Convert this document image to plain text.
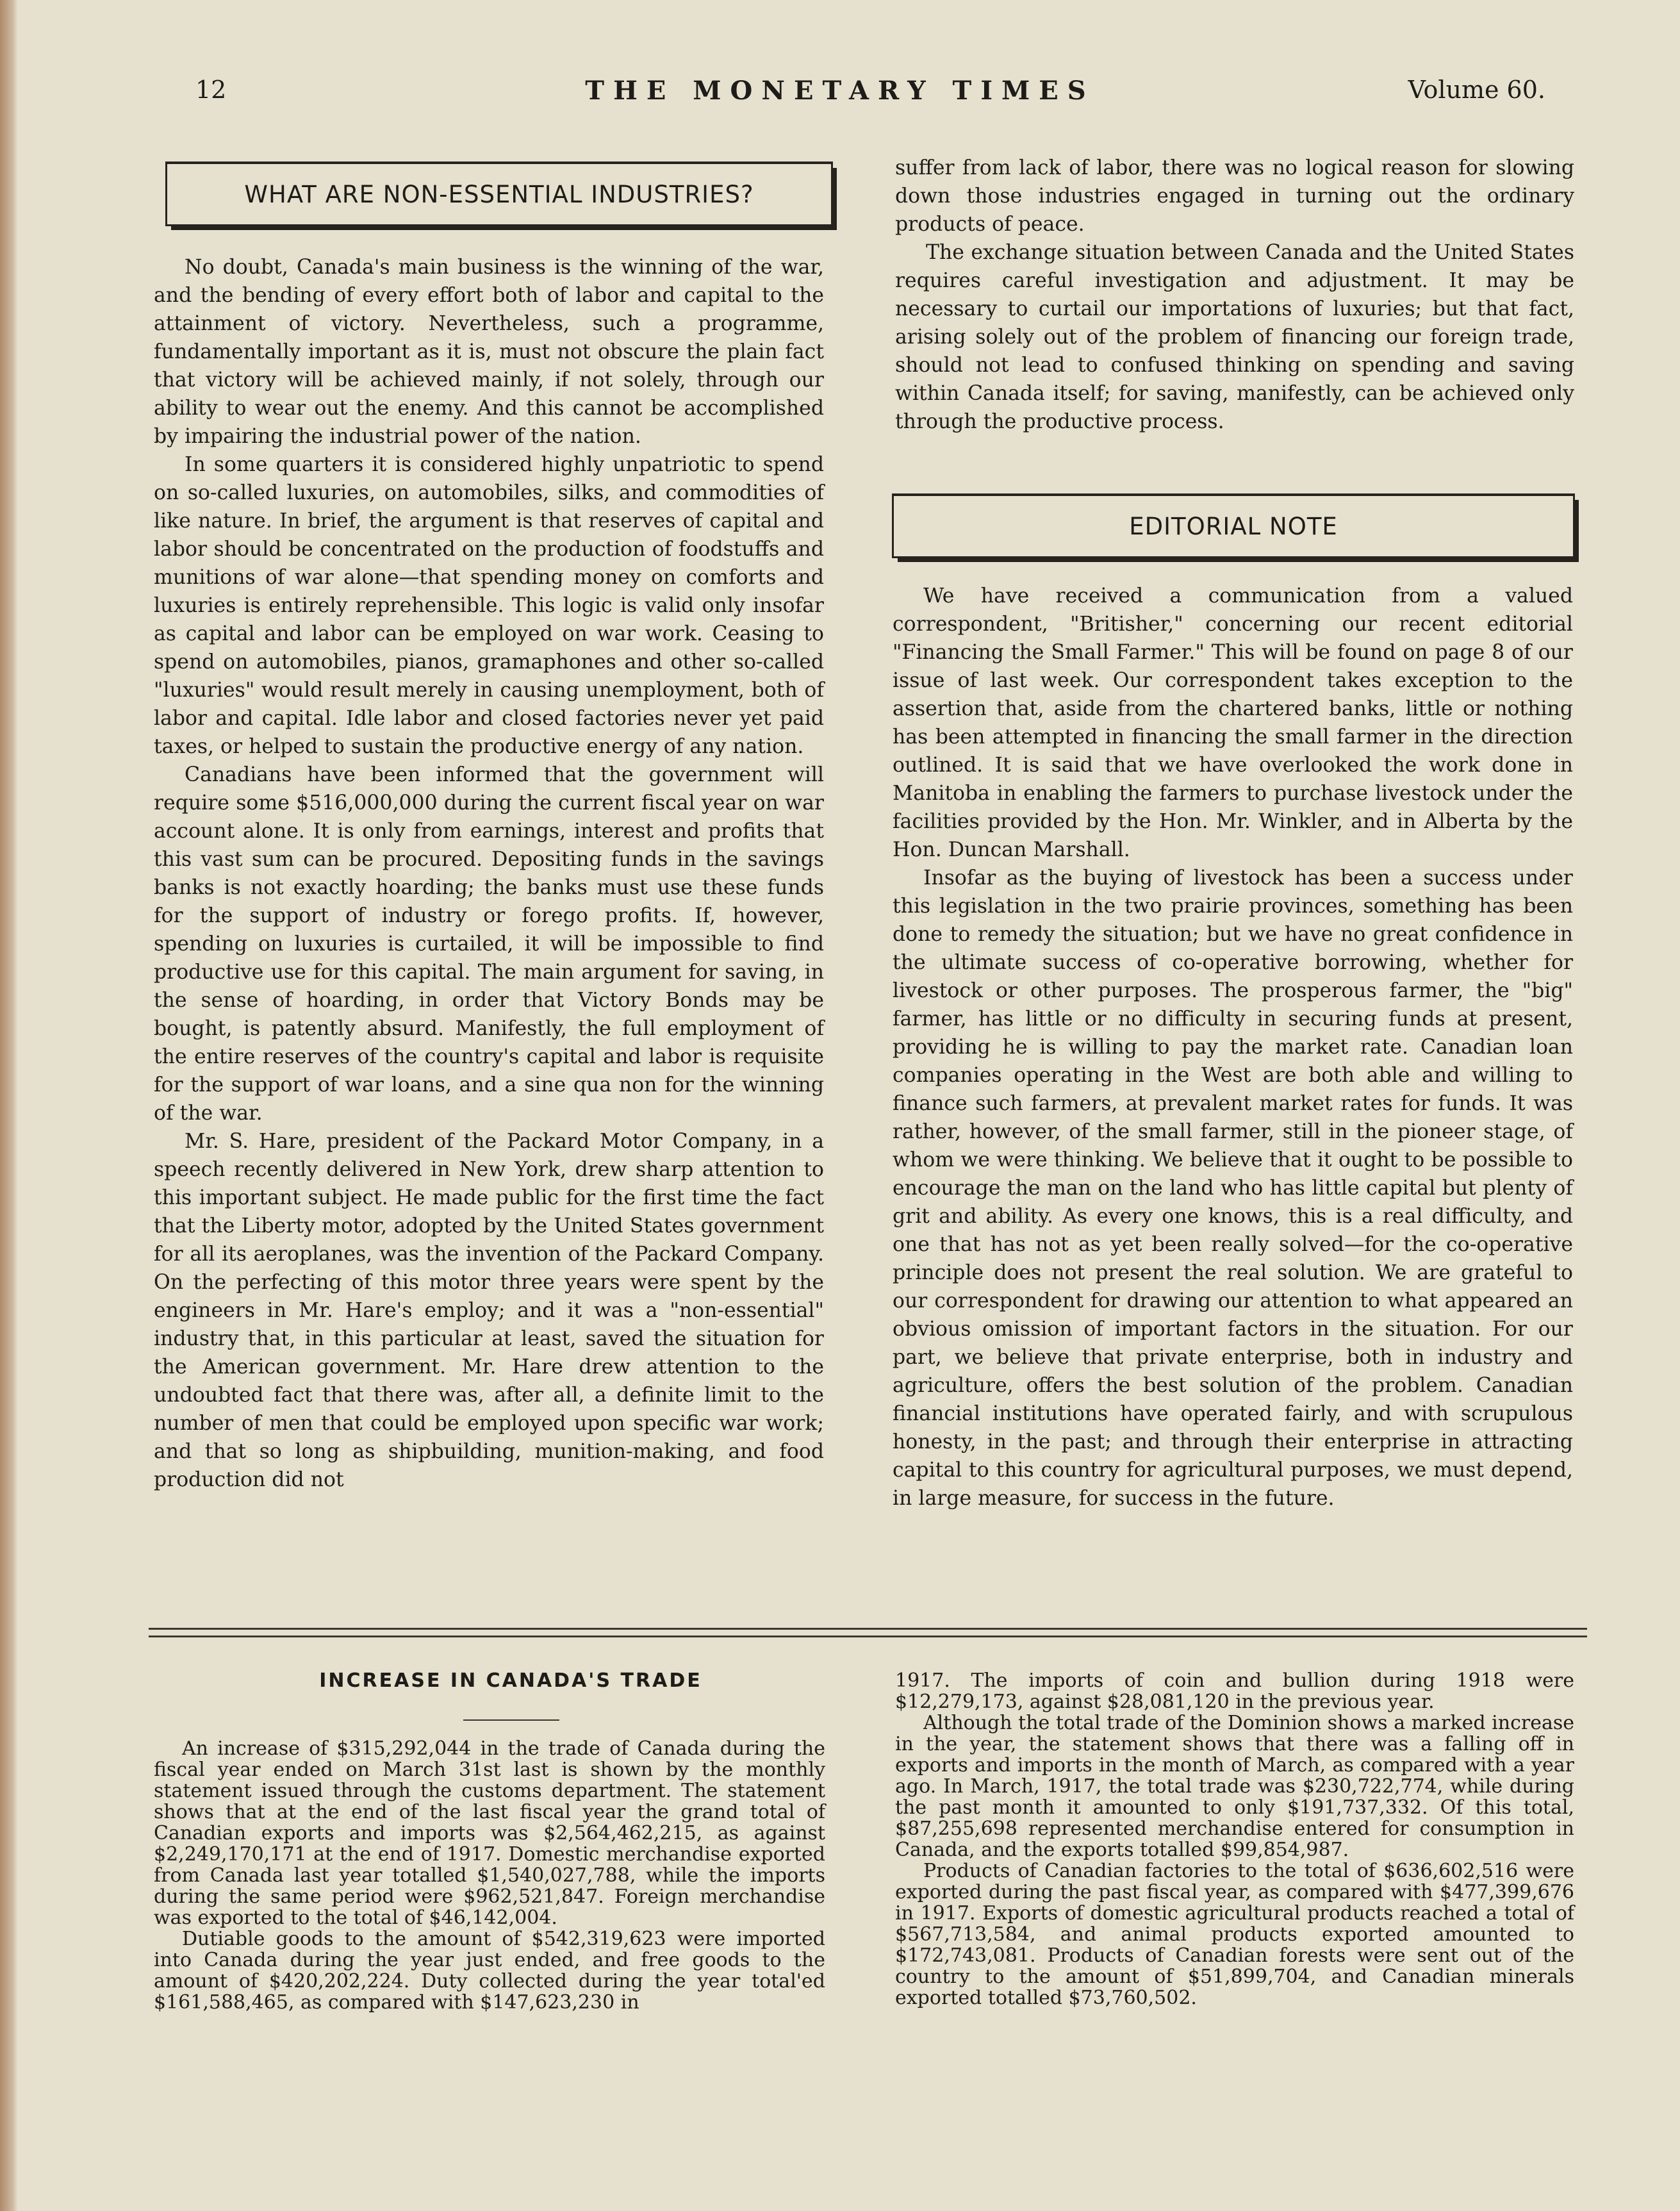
12	THE MONETARY TIMES	Volume 60.
WHAT ARE NON-ESSENTIAL INDUSTRIES?

No doubt, Canada's main business is the winning of the war, and the bending of every effort both of labor and capital to the attainment of victory. Nevertheless, such a programme, fundamentally important as it is, must not obscure the plain fact that victory will be achieved mainly, if not solely, through our ability to wear out the enemy. And this cannot be accomplished by impairing the industrial power of the nation.

In some quarters it is considered highly unpatriotic to spend on so-called luxuries, on automobiles, silks, and commodities of like nature. In brief, the argument is that reserves of capital and labor should be concentrated on the production of foodstuffs and munitions of war alone—that spending money on comforts and luxuries is entirely reprehensible. This logic is valid only insofar as capital and labor can be employed on war work. Ceasing to spend on automobiles, pianos, gramaphones and other so-called "luxuries" would result merely in causing unemployment, both of labor and capital. Idle labor and closed factories never yet paid taxes, or helped to sustain the productive energy of any nation.

Canadians have been informed that the government will require some $516,000,000 during the current fiscal year on war account alone. It is only from earnings, interest and profits that this vast sum can be procured. Depositing funds in the savings banks is not exactly hoarding; the banks must use these funds for the support of industry or forego profits. If, however, spending on luxuries is curtailed, it will be impossible to find productive use for this capital. The main argument for saving, in the sense of hoarding, in order that Victory Bonds may be bought, is patently absurd. Manifestly, the full employment of the entire reserves of the country's capital and labor is requisite for the support of war loans, and a sine qua non for the winning of the war.

Mr. S. Hare, president of the Packard Motor Company, in a speech recently delivered in New York, drew sharp attention to this important subject. He made public for the first time the fact that the Liberty motor, adopted by the United States government for all its aeroplanes, was the invention of the Packard Company. On the perfecting of this motor three years were spent by the engineers in Mr. Hare's employ; and it was a "non-essential" industry that, in this particular at least, saved the situation for the American government. Mr. Hare drew attention to the undoubted fact that there was, after all, a definite limit to the number of men that could be employed upon specific war work; and that so long as shipbuilding, munition-making, and food production did not

suffer from lack of labor, there was no logical reason for slowing down those industries engaged in turning out the ordinary products of peace.

The exchange situation between Canada and the United States requires careful investigation and adjustment. It may be necessary to curtail our importations of luxuries; but that fact, arising solely out of the problem of financing our foreign trade, should not lead to confused thinking on spending and saving within Canada itself; for saving, manifestly, can be achieved only through the productive process.

EDITORIAL NOTE

We have received a communication from a valued correspondent, "Britisher," concerning our recent editorial "Financing the Small Farmer." This will be found on page 8 of our issue of last week. Our correspondent takes exception to the assertion that, aside from the chartered banks, little or nothing has been attempted in financing the small farmer in the direction outlined. It is said that we have overlooked the work done in Manitoba in enabling the farmers to purchase livestock under the facilities provided by the Hon. Mr. Winkler, and in Alberta by the Hon. Duncan Marshall.

Insofar as the buying of livestock has been a success under this legislation in the two prairie provinces, something has been done to remedy the situation; but we have no great confidence in the ultimate success of co-operative borrowing, whether for livestock or other purposes. The prosperous farmer, the "big" farmer, has little or no difficulty in securing funds at present, providing he is willing to pay the market rate. Canadian loan companies operating in the West are both able and willing to finance such farmers, at prevalent market rates for funds. It was rather, however, of the small farmer, still in the pioneer stage, of whom we were thinking. We believe that it ought to be possible to encourage the man on the land who has little capital but plenty of grit and ability. As every one knows, this is a real difficulty, and one that has not as yet been really solved—for the co-operative principle does not present the real solution. We are grateful to our correspondent for drawing our attention to what appeared an obvious omission of important factors in the situation. For our part, we believe that private enterprise, both in industry and agriculture, offers the best solution of the problem. Canadian financial institutions have operated fairly, and with scrupulous honesty, in the past; and through their enterprise in attracting capital to this country for agricultural purposes, we must depend, in large measure, for success in the future.

INCREASE IN CANADA'S TRADE

An increase of $315,292,044 in the trade of Canada during the fiscal year ended on March 31st last is shown by the monthly statement issued through the customs department. The statement shows that at the end of the last fiscal year the grand total of Canadian exports and imports was $2,564,462,215, as against $2,249,170,171 at the end of 1917. Domestic merchandise exported from Canada last year totalled $1,540,027,788, while the imports during the same period were $962,521,847. Foreign merchandise was exported to the total of $46,142,004.

Dutiable goods to the amount of $542,319,623 were imported into Canada during the year just ended, and free goods to the amount of $420,202,224. Duty collected during the year total'ed $161,588,465, as compared with $147,623,230 in

1917. The imports of coin and bullion during 1918 were $12,279,173, against $28,081,120 in the previous year.

Although the total trade of the Dominion shows a marked increase in the year, the statement shows that there was a falling off in exports and imports in the month of March, as compared with a year ago. In March, 1917, the total trade was $230,722,774, while during the past month it amounted to only $191,737,332. Of this total, $87,255,698 represented merchandise entered for consumption in Canada, and the exports totalled $99,854,987.

Products of Canadian factories to the total of $636,602,516 were exported during the past fiscal year, as compared with $477,399,676 in 1917. Exports of domestic agricultural products reached a total of $567,713,584, and animal products exported amounted to $172,743,081. Products of Canadian forests were sent out of the country to the amount of $51,899,704, and Canadian minerals exported totalled $73,760,502.
